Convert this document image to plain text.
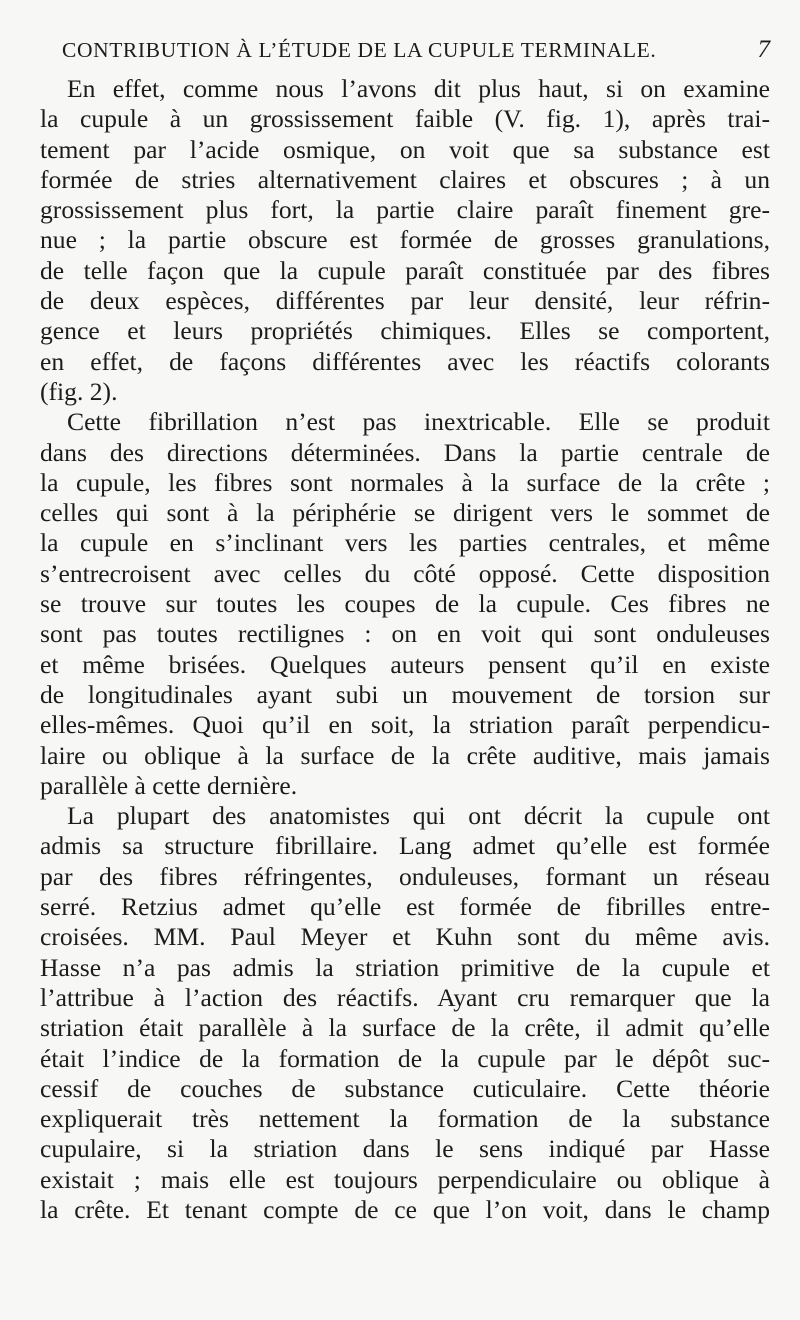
CONTRIBUTION À L’ÉTUDE DE LA CUPULE TERMINALE.	7

En effet, comme nous l’avons dit plus haut, si on examine
la cupule à un grossissement faible (V. fig. 1), après trai-
tement par l’acide osmique, on voit que sa substance est
formée de stries alternativement claires et obscures ; à un
grossissement plus fort, la partie claire paraît finement gre-
nue ; la partie obscure est formée de grosses granulations,
de telle façon que la cupule paraît constituée par des fibres
de deux espèces, différentes par leur densité, leur réfrin-
gence et leurs propriétés chimiques. Elles se comportent,
en effet, de façons différentes avec les réactifs colorants
(fig. 2).

Cette fibrillation n’est pas inextricable. Elle se produit
dans des directions déterminées. Dans la partie centrale de
la cupule, les fibres sont normales à la surface de la crête ;
celles qui sont à la périphérie se dirigent vers le sommet de
la cupule en s’inclinant vers les parties centrales, et même
s’entrecroisent avec celles du côté opposé. Cette disposition
se trouve sur toutes les coupes de la cupule. Ces fibres ne
sont pas toutes rectilignes : on en voit qui sont onduleuses
et même brisées. Quelques auteurs pensent qu’il en existe
de longitudinales ayant subi un mouvement de torsion sur
elles-mêmes. Quoi qu’il en soit, la striation paraît perpendicu-
laire ou oblique à la surface de la crête auditive, mais jamais
parallèle à cette dernière.

La plupart des anatomistes qui ont décrit la cupule ont
admis sa structure fibrillaire. Lang admet qu’elle est formée
par des fibres réfringentes, onduleuses, formant un réseau
serré. Retzius admet qu’elle est formée de fibrilles entre-
croisées. MM. Paul Meyer et Kuhn sont du même avis.
Hasse n’a pas admis la striation primitive de la cupule et
l’attribue à l’action des réactifs. Ayant cru remarquer que la
striation était parallèle à la surface de la crête, il admit qu’elle
était l’indice de la formation de la cupule par le dépôt suc-
cessif de couches de substance cuticulaire. Cette théorie
expliquerait très nettement la formation de la substance
cupulaire, si la striation dans le sens indiqué par Hasse
existait ; mais elle est toujours perpendiculaire ou oblique à
la crête. Et tenant compte de ce que l’on voit, dans le champ
